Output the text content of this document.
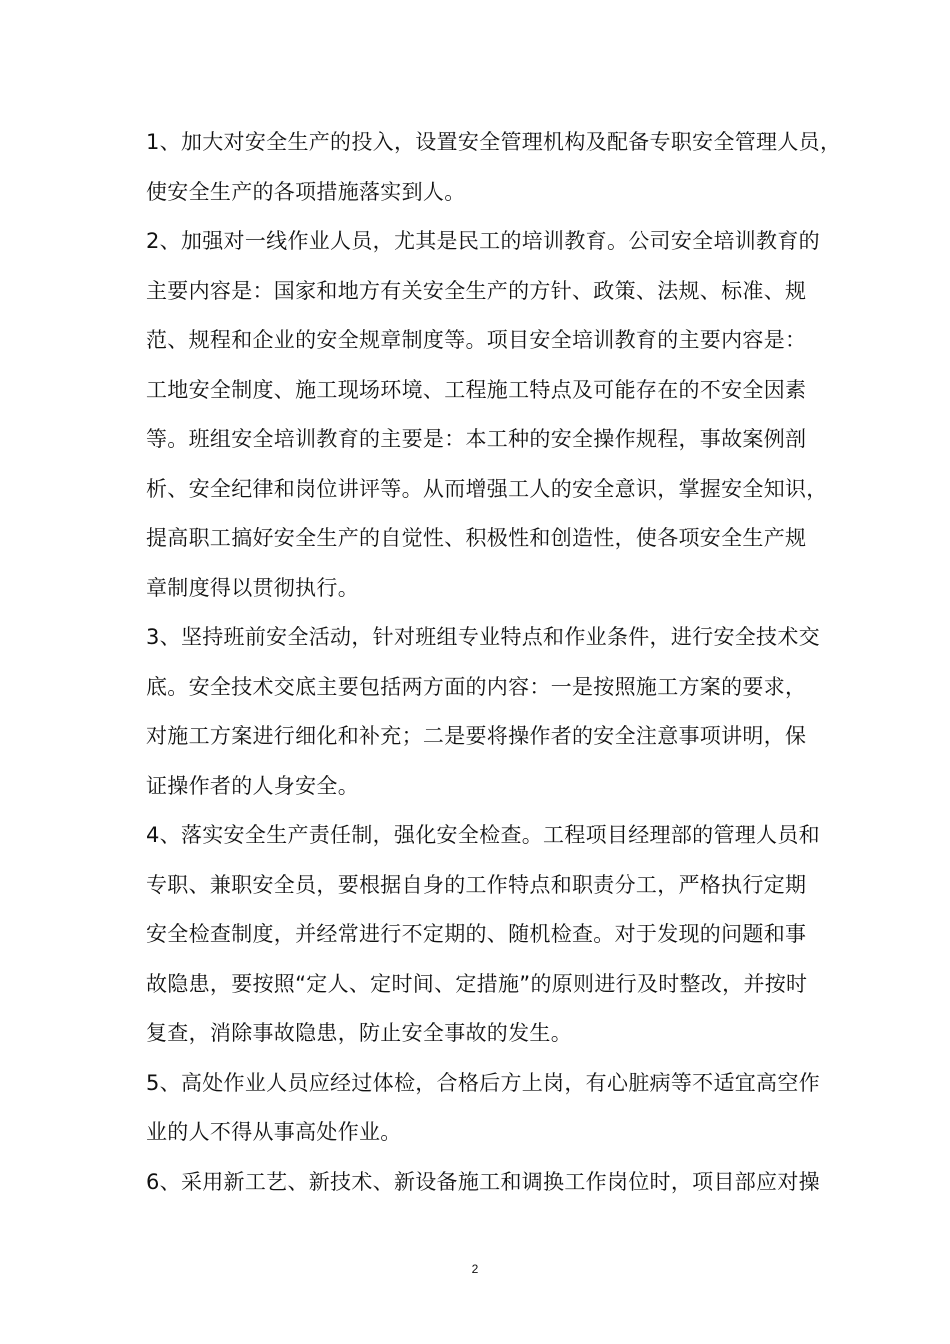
1、加大对安全生产的投入，设置安全管理机构及配备专职安全管理人员，
使安全生产的各项措施落实到人。
2、加强对一线作业人员，尤其是民工的培训教育。公司安全培训教育的
主要内容是：国家和地方有关安全生产的方针、政策、法规、标准、规
范、规程和企业的安全规章制度等。项目安全培训教育的主要内容是：
工地安全制度、施工现场环境、工程施工特点及可能存在的不安全因素
等。班组安全培训教育的主要是：本工种的安全操作规程，事故案例剖
析、安全纪律和岗位讲评等。从而增强工人的安全意识，掌握安全知识，
提高职工搞好安全生产的自觉性、积极性和创造性，使各项安全生产规
章制度得以贯彻执行。
3、坚持班前安全活动，针对班组专业特点和作业条件，进行安全技术交
底。安全技术交底主要包括两方面的内容：一是按照施工方案的要求，
对施工方案进行细化和补充；二是要将操作者的安全注意事项讲明，保
证操作者的人身安全。
4、落实安全生产责任制，强化安全检查。工程项目经理部的管理人员和
专职、兼职安全员，要根据自身的工作特点和职责分工，严格执行定期
安全检查制度，并经常进行不定期的、随机检查。对于发现的问题和事
故隐患，要按照“定人、定时间、定措施”的原则进行及时整改，并按时
复查，消除事故隐患，防止安全事故的发生。
5、高处作业人员应经过体检，合格后方上岗，有心脏病等不适宜高空作
业的人不得从事高处作业。
6、采用新工艺、新技术、新设备施工和调换工作岗位时，项目部应对操
2
